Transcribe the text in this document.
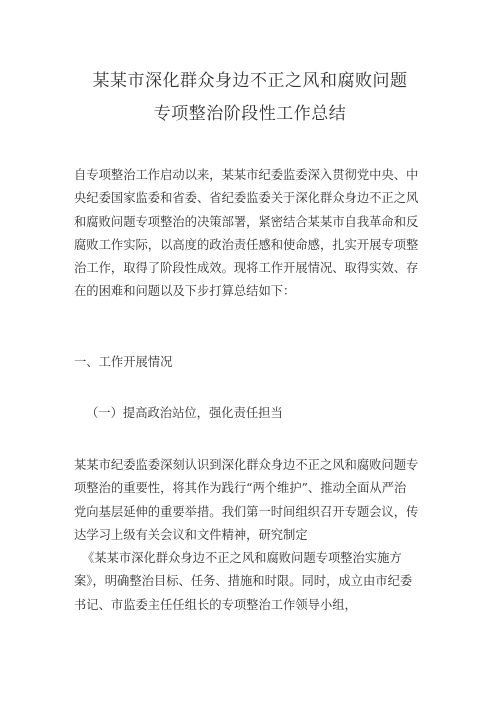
某某市深化群众身边不正之风和腐败问题
专项整治阶段性工作总结
自专项整治工作启动以来，某某市纪委监委深入贯彻党中央、中
央纪委国家监委和省委、省纪委监委关于深化群众身边不正之风
和腐败问题专项整治的决策部署，紧密结合某某市自我革命和反
腐败工作实际，以高度的政治责任感和使命感，扎实开展专项整
治工作，取得了阶段性成效。现将工作开展情况、取得实效、存
在的困难和问题以及下步打算总结如下：
一、工作开展情况
（一）提高政治站位，强化责任担当
某某市纪委监委深刻认识到深化群众身边不正之风和腐败问题专
项整治的重要性，将其作为践行“两个维护”、推动全面从严治
党向基层延伸的重要举措。我们第一时间组织召开专题会议，传
达学习上级有关会议和文件精神，研究制定
《某某市深化群众身边不正之风和腐败问题专项整治实施方
案》，明确整治目标、任务、措施和时限。同时，成立由市纪委
书记、市监委主任任组长的专项整治工作领导小组，
